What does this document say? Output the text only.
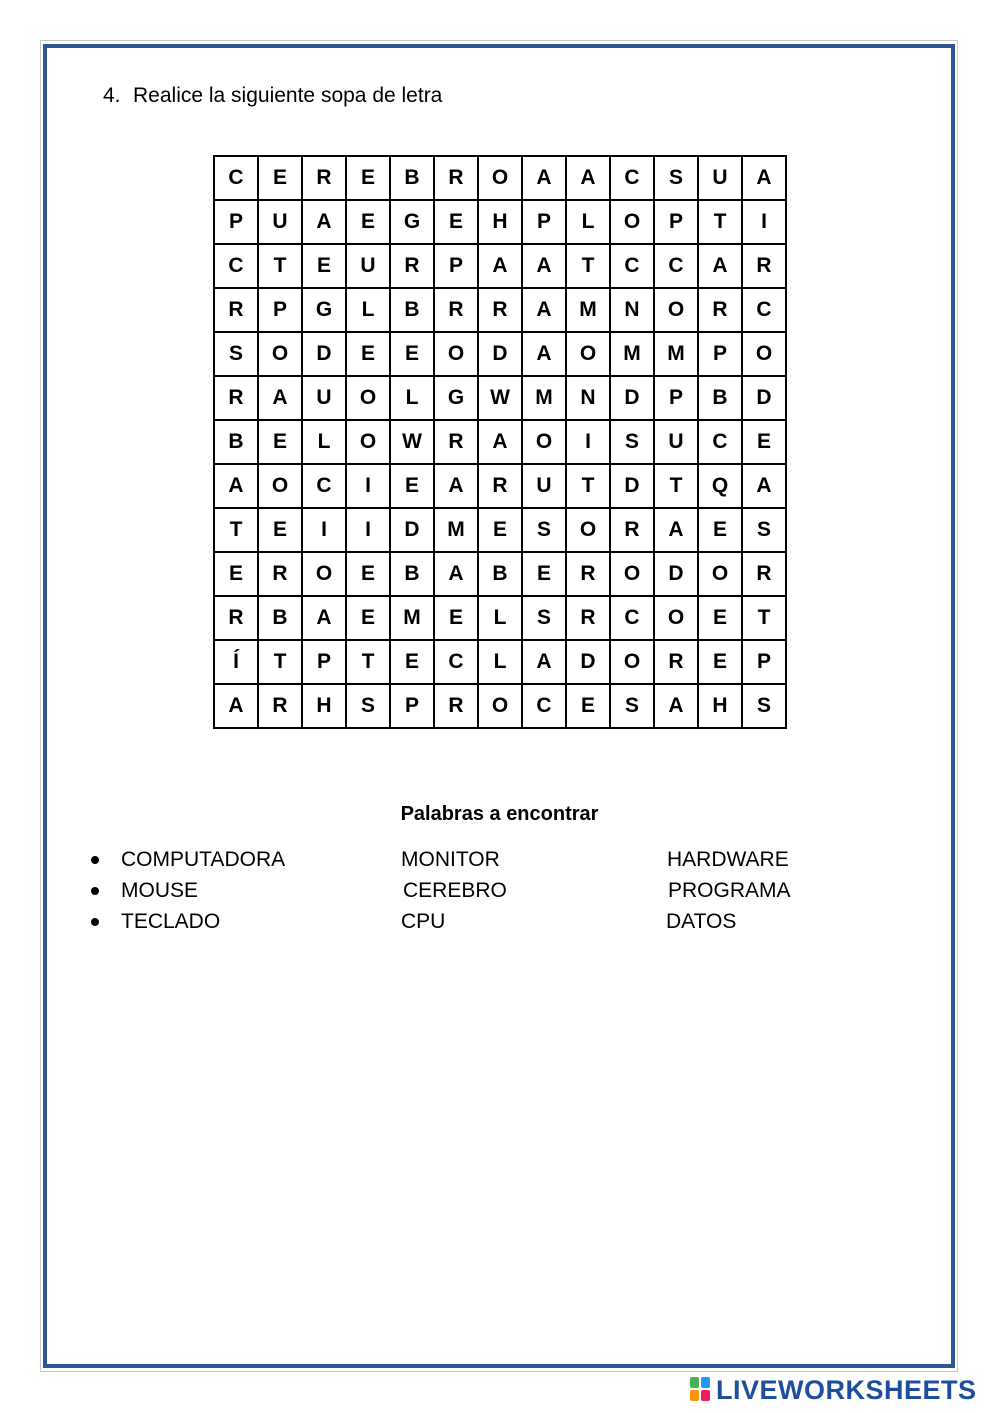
4. Realice la siguiente sopa de letra
C	E	R	E	B	R	O	A	A	C	S	U	A
P	U	A	E	G	E	H	P	L	O	P	T	I
C	T	E	U	R	P	A	A	T	C	C	A	R
R	P	G	L	B	R	R	A	M	N	O	R	C
S	O	D	E	E	O	D	A	O	M	M	P	O
R	A	U	O	L	G	W	M	N	D	P	B	D
B	E	L	O	W	R	A	O	I	S	U	C	E
A	O	C	I	E	A	R	U	T	D	T	Q	A
T	E	I	I	D	M	E	S	O	R	A	E	S
E	R	O	E	B	A	B	E	R	O	D	O	R
R	B	A	E	M	E	L	S	R	C	O	E	T
Í	T	P	T	E	C	L	A	D	O	R	E	P
A	R	H	S	P	R	O	C	E	S	A	H	S
Palabras a encontrar
COMPUTADORA
MOUSE
TECLADO
MONITOR
CEREBRO
CPU
HARDWARE
PROGRAMA
DATOS
LIVEWORKSHEETS
